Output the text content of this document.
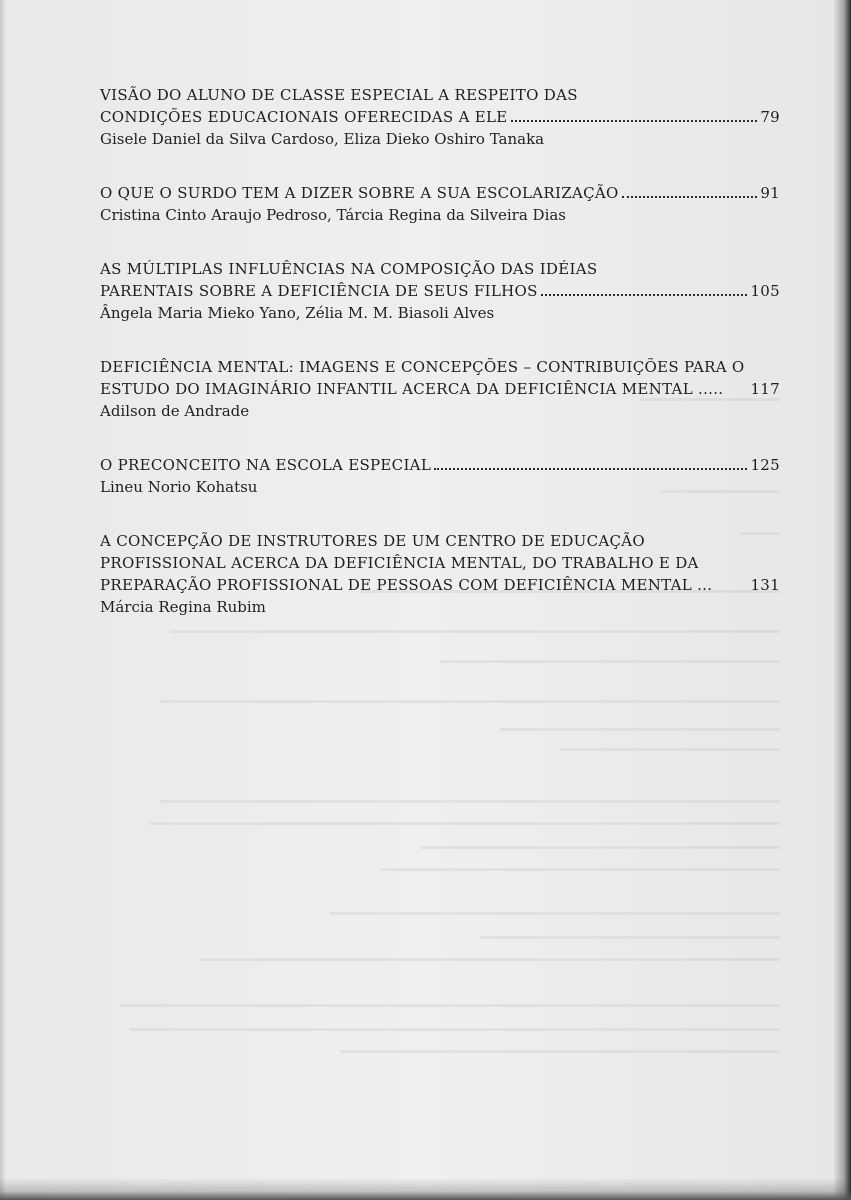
VISÃO DO ALUNO DE CLASSE ESPECIAL A RESPEITO DAS
CONDIÇÕES EDUCACIONAIS OFERECIDAS A ELE	79
Gisele Daniel da Silva Cardoso, Eliza Dieko Oshiro Tanaka
O QUE O SURDO TEM A DIZER SOBRE A SUA ESCOLARIZAÇÃO	91
Cristina Cinto Araujo Pedroso, Tárcia Regina da Silveira Dias
AS MÚLTIPLAS INFLUÊNCIAS NA COMPOSIÇÃO DAS IDÉIAS
PARENTAIS SOBRE A DEFICIÊNCIA DE SEUS FILHOS	105
Ângela Maria Mieko Yano, Zélia M. M. Biasoli Alves
DEFICIÊNCIA MENTAL: IMAGENS E CONCEPÇÕES – CONTRIBUIÇÕES PARA O
ESTUDO DO IMAGINÁRIO INFANTIL ACERCA DA DEFICIÊNCIA MENTAL ..... 117
Adilson de Andrade
O PRECONCEITO NA ESCOLA ESPECIAL	125
Lineu Norio Kohatsu
A CONCEPÇÃO DE INSTRUTORES DE UM CENTRO DE EDUCAÇÃO
PROFISSIONAL ACERCA DA DEFICIÊNCIA MENTAL, DO TRABALHO E DA
PREPARAÇÃO PROFISSIONAL DE PESSOAS COM DEFICIÊNCIA MENTAL ...	131
Márcia Regina Rubim
